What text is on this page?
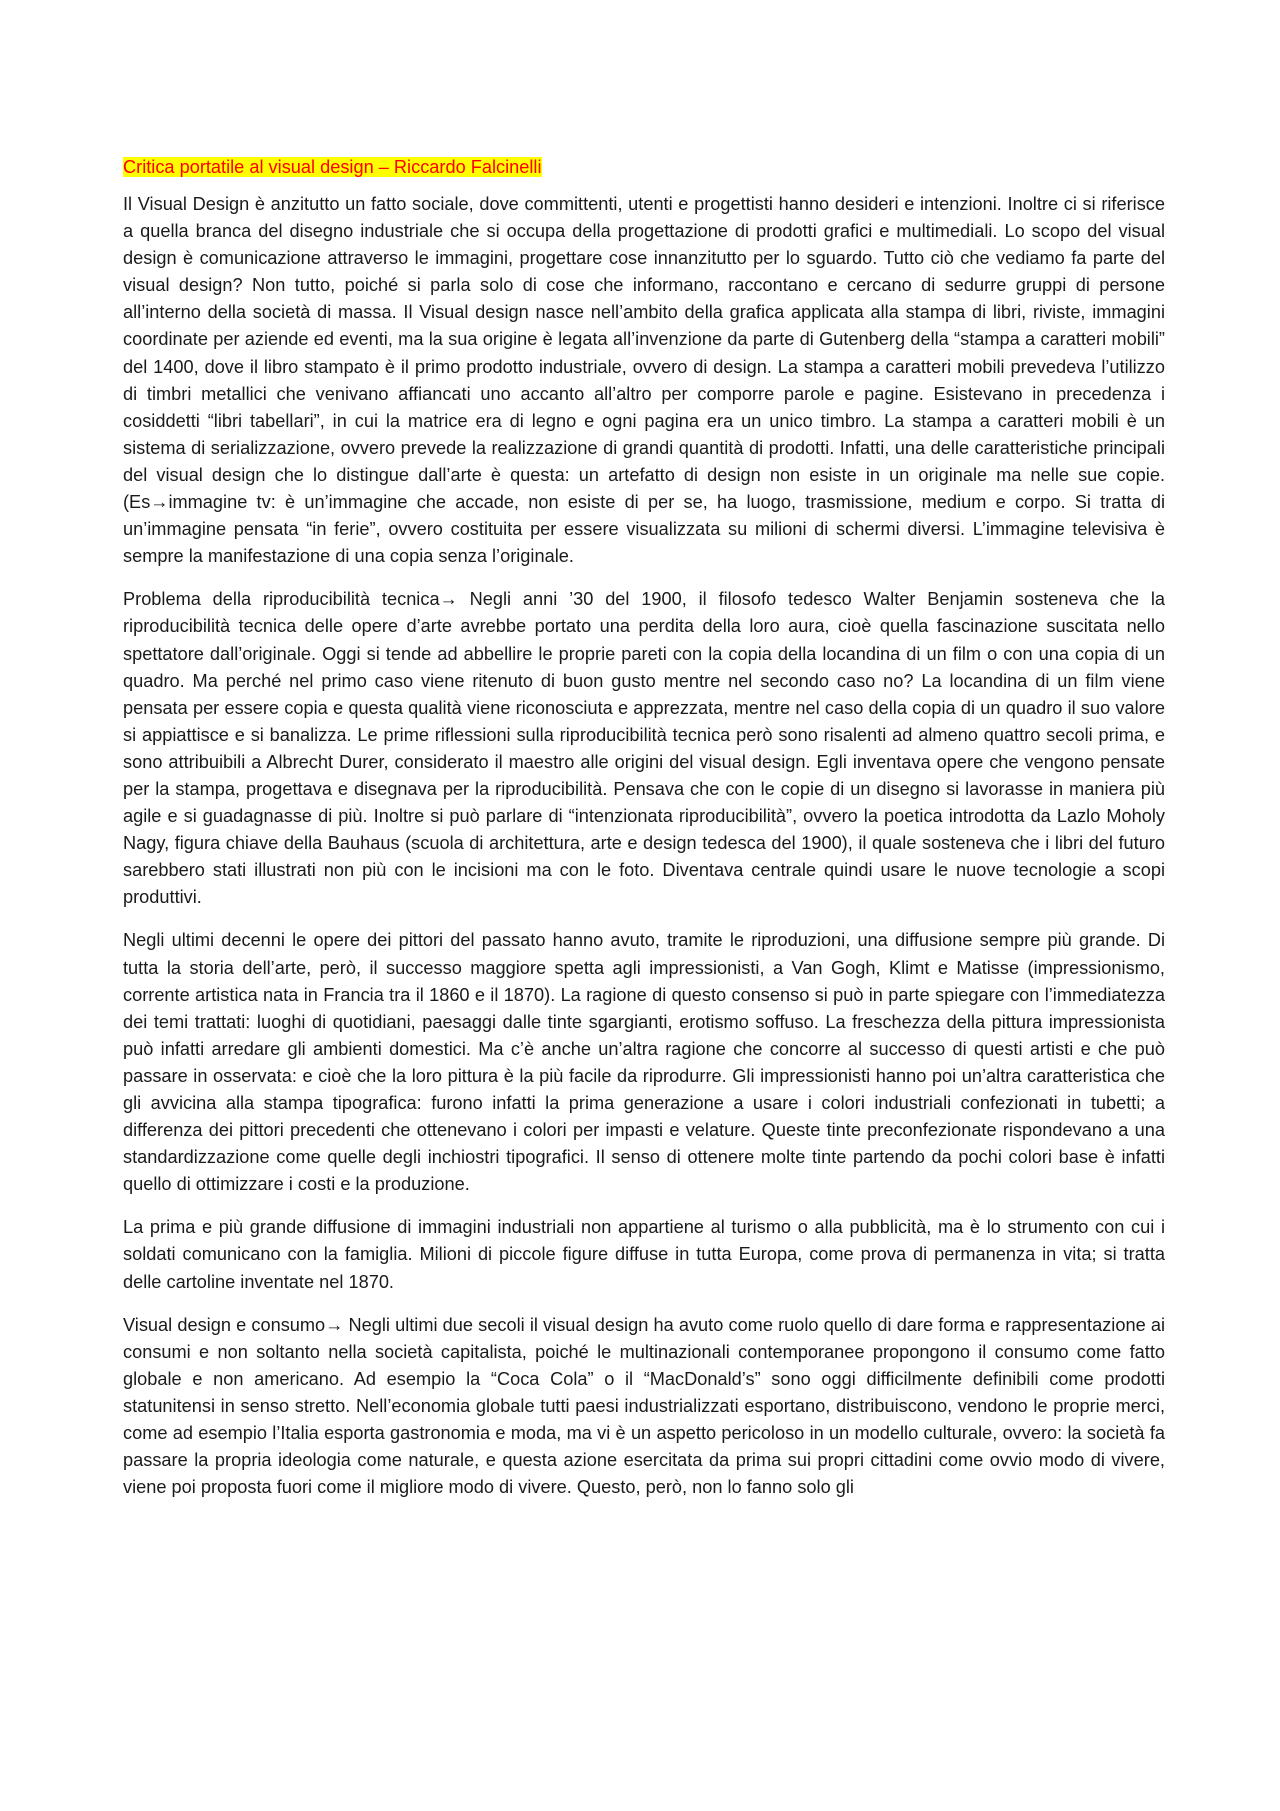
Critica portatile al visual design – Riccardo Falcinelli

Il Visual Design è anzitutto un fatto sociale, dove committenti, utenti e progettisti hanno desideri e intenzioni. Inoltre ci si riferisce a quella branca del disegno industriale che si occupa della progettazione di prodotti grafici e multimediali. Lo scopo del visual design è comunicazione attraverso le immagini, progettare cose innanzitutto per lo sguardo. Tutto ciò che vediamo fa parte del visual design? Non tutto, poiché si parla solo di cose che informano, raccontano e cercano di sedurre gruppi di persone all’interno della società di massa. Il Visual design nasce nell’ambito della grafica applicata alla stampa di libri, riviste, immagini coordinate per aziende ed eventi, ma la sua origine è legata all’invenzione da parte di Gutenberg della “stampa a caratteri mobili” del 1400, dove il libro stampato è il primo prodotto industriale, ovvero di design. La stampa a caratteri mobili prevedeva l’utilizzo di timbri metallici che venivano affiancati uno accanto all’altro per comporre parole e pagine. Esistevano in precedenza i cosiddetti “libri tabellari”, in cui la matrice era di legno e ogni pagina era un unico timbro. La stampa a caratteri mobili è un sistema di serializzazione, ovvero prevede la realizzazione di grandi quantità di prodotti. Infatti, una delle caratteristiche principali del visual design che lo distingue dall’arte è questa: un artefatto di design non esiste in un originale ma nelle sue copie. (Es→immagine tv: è un’immagine che accade, non esiste di per se, ha luogo, trasmissione, medium e corpo. Si tratta di un’immagine pensata “in ferie”, ovvero costituita per essere visualizzata su milioni di schermi diversi. L’immagine televisiva è sempre la manifestazione di una copia senza l’originale.

Problema della riproducibilità tecnica→ Negli anni ’30 del 1900, il filosofo tedesco Walter Benjamin sosteneva che la riproducibilità tecnica delle opere d’arte avrebbe portato una perdita della loro aura, cioè quella fascinazione suscitata nello spettatore dall’originale. Oggi si tende ad abbellire le proprie pareti con la copia della locandina di un film o con una copia di un quadro. Ma perché nel primo caso viene ritenuto di buon gusto mentre nel secondo caso no? La locandina di un film viene pensata per essere copia e questa qualità viene riconosciuta e apprezzata, mentre nel caso della copia di un quadro il suo valore si appiattisce e si banalizza. Le prime riflessioni sulla riproducibilità tecnica però sono risalenti ad almeno quattro secoli prima, e sono attribuibili a Albrecht Durer, considerato il maestro alle origini del visual design. Egli inventava opere che vengono pensate per la stampa, progettava e disegnava per la riproducibilità. Pensava che con le copie di un disegno si lavorasse in maniera più agile e si guadagnasse di più. Inoltre si può parlare di “intenzionata riproducibilità”, ovvero la poetica introdotta da Lazlo Moholy Nagy, figura chiave della Bauhaus (scuola di architettura, arte e design tedesca del 1900), il quale sosteneva che i libri del futuro sarebbero stati illustrati non più con le incisioni ma con le foto. Diventava centrale quindi usare le nuove tecnologie a scopi produttivi.

Negli ultimi decenni le opere dei pittori del passato hanno avuto, tramite le riproduzioni, una diffusione sempre più grande. Di tutta la storia dell’arte, però, il successo maggiore spetta agli impressionisti, a Van Gogh, Klimt e Matisse (impressionismo, corrente artistica nata in Francia tra il 1860 e il 1870). La ragione di questo consenso si può in parte spiegare con l’immediatezza dei temi trattati: luoghi di quotidiani, paesaggi dalle tinte sgargianti, erotismo soffuso. La freschezza della pittura impressionista può infatti arredare gli ambienti domestici. Ma c’è anche un’altra ragione che concorre al successo di questi artisti e che può passare in osservata: e cioè che la loro pittura è la più facile da riprodurre. Gli impressionisti hanno poi un’altra caratteristica che gli avvicina alla stampa tipografica: furono infatti la prima generazione a usare i colori industriali confezionati in tubetti; a differenza dei pittori precedenti che ottenevano i colori per impasti e velature. Queste tinte preconfezionate rispondevano a una standardizzazione come quelle degli inchiostri tipografici. Il senso di ottenere molte tinte partendo da pochi colori base è infatti quello di ottimizzare i costi e la produzione.

La prima e più grande diffusione di immagini industriali non appartiene al turismo o alla pubblicità, ma è lo strumento con cui i soldati comunicano con la famiglia. Milioni di piccole figure diffuse in tutta Europa, come prova di permanenza in vita; si tratta delle cartoline inventate nel 1870.

Visual design e consumo→ Negli ultimi due secoli il visual design ha avuto come ruolo quello di dare forma e rappresentazione ai consumi e non soltanto nella società capitalista, poiché le multinazionali contemporanee propongono il consumo come fatto globale e non americano. Ad esempio la “Coca Cola” o il “MacDonald’s” sono oggi difficilmente definibili come prodotti statunitensi in senso stretto. Nell’economia globale tutti paesi industrializzati esportano, distribuiscono, vendono le proprie merci, come ad esempio l’Italia esporta gastronomia e moda, ma vi è un aspetto pericoloso in un modello culturale, ovvero: la società fa passare la propria ideologia come naturale, e questa azione esercitata da prima sui propri cittadini come ovvio modo di vivere, viene poi proposta fuori come il migliore modo di vivere. Questo, però, non lo fanno solo gli
